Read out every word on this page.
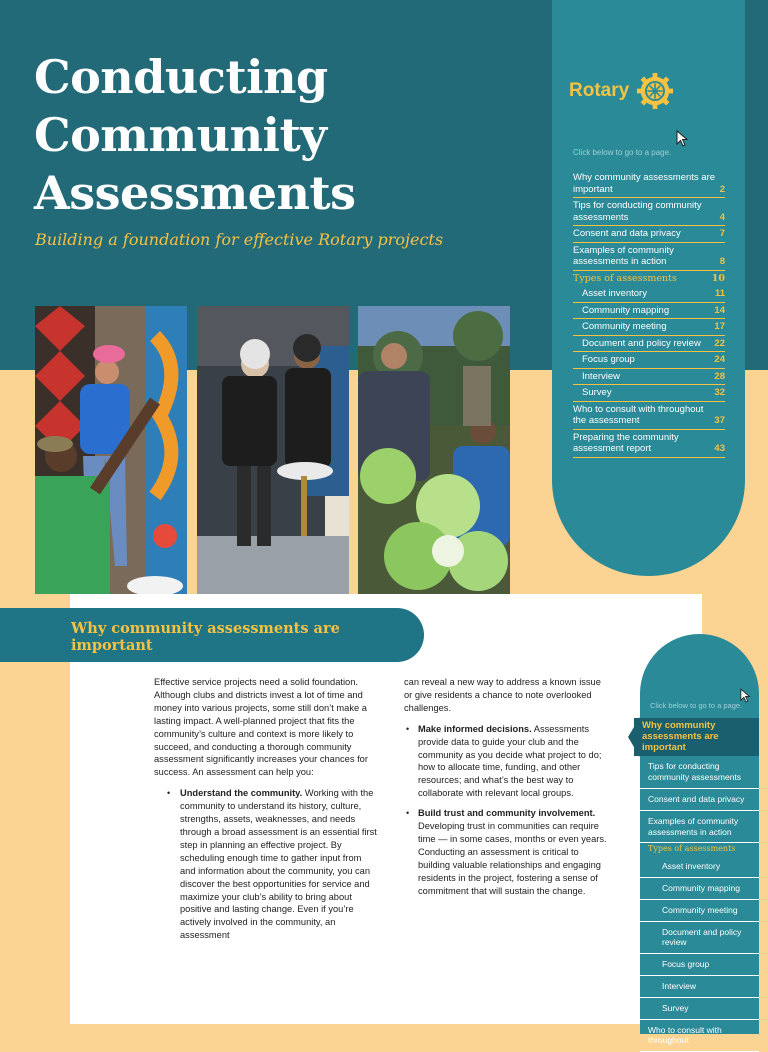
Conducting
Community
Assessments
Building a foundation for effective Rotary projects
Rotary
Click below to go to a page.
Why community assessments are important	2
Tips for conducting community assessments	4
Consent and data privacy	7
Examples of community assessments in action	8
Types of assessments	10
Asset inventory	11
Community mapping	14
Community meeting	17
Document and policy review 22
Focus group	24
Interview	28
Survey	32
Who to consult with throughout the assessment	37
Preparing the community assessment report	43
Why community assessments are important

Effective service projects need a solid foundation. Although clubs and districts invest a lot of time and money into various projects, some still don’t make a lasting impact. A well-planned project that fits the community’s culture and context is more likely to succeed, and conducting a thorough community assessment significantly increases your chances for success. An assessment can help you:

• Understand the community. Working with the community to understand its history, culture, strengths, assets, weaknesses, and needs through a broad assessment is an essential first step in planning an effective project. By scheduling enough time to gather input from and information about the community, you can discover the best opportunities for service and maximize your club’s ability to bring about positive and lasting change. Even if you’re actively involved in the community, an assessment

can reveal a new way to address a known issue or give residents a chance to note overlooked challenges.

• Make informed decisions. Assessments provide data to guide your club and the community as you decide what project to do; how to allocate time, funding, and other resources; and what’s the best way to collaborate with relevant local groups.
• Build trust and community involvement. Developing trust in communities can require time — in some cases, months or even years. Conducting an assessment is critical to building valuable relationships and engaging residents in the project, fostering a sense of commitment that will sustain the change.
Click below to go to a page.
Why community assessments are important
Tips for conducting community assessments
Consent and data privacy
Examples of community assessments in action
Types of assessments
Asset inventory
Community mapping
Community meeting
Document and policy review
Focus group
Interview
Survey
Who to consult with throughout
